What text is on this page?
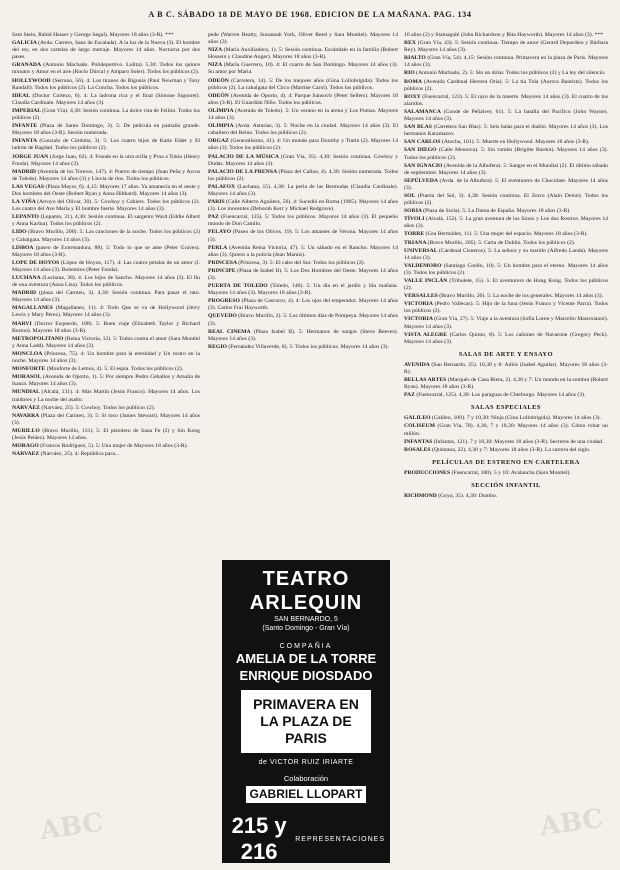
A B C. SÁBADO 18 DE MAYO DE 1968. EDICION DE LA MAÑANA. PAG. 134

Sam Stein, Rahid Hasser y George Segal). Mayores 18 años (3-R). ***

GALICIA (Avda. Carrero, Sanz de Escalada). A la luz de la Nueva (3). El hombre del rey, en dos cartelas de largo metraje. Mayores 14 años. Nocturna por dos pases.

GRANADA (Antonio Machado. Polideportivo. Lolita). 5,30: Todos los quince minutos y Amor en el aire (Rocío Dúrcal y Amparo Soler). Todos los públicos (2).

HOLLYWOOD (Serrano, 56). 4: Los tiranos de Bigonia (Paul Newman y Tony Randall). Todos los públicos (2). La Concha. Todos los públicos.

IDEAL (Doctor Cortezo, 6). 4: La ladrona rica y el final (Simone Signoret). Claudia Cardinale. Mayores 14 años (3).

IMPERIAL (Gran Vía). 4,30: Sesión continua. La dolce vita de Fellini. Todos los públicos (2).

INFANTE (Plaza de Santo Domingo, 3). 5: De película en pantalla grande. Mayores 18 años (3-R). Sesión numerada.

INFANTA (Gonzalo de Córdoba, 3). 5: Los cuatro hijos de Katie Elder y El ladrón de Bagdad. Todos los públicos (2).

JORGE JUAN (Jorge Juan, 62). 4: Fraude en la otra orilla y Proa a Tokio (Henry Fonda). Mayores 14 años (3).

MADRID (Avenida de los Toreros, 147). 4: Puerto de tiempo (Juan Peña y Arcos de Toledo). Mayores 14 años (3) y Lluvia de ríos. Todos los públicos.

LAS VEGAS (Plaza Mayor, 6). 4,15: Mayores 17 años. Ya amanecía en el oeste y Dos hombres del Oeste (Robert Ryan y Anna Hibbard). Mayores 14 años (3).

LA VIÑA (Arroyo del Olivar, 30). 5: Cowboy y Cahiers. Todos los públicos (2). Los cuatro del Ave María y El hombre fuerte. Mayores 14 años (3).

LEPANTO (Lepanto, 31). 4,30: Sesión continua. El sargento Ward (Eddie Albert y Anna Karina). Todos los públicos (2).

LIDO (Bravo Murillo, 200). 5: Las canciones de la noche. Todos los públicos (2) y Cabalgata. Mayores 14 años (3).

LISBOA (paseo de Extremadura, 88). 5: Todo lo que se ame (Peter Graves). Mayores 18 años (3-R).

LOPE DE HOYOS (López de Hoyos, 117). 4: Las cuatro pétalas de un amor (J. Mayores 14 años (3). Bohemios (Peter Fonda).

LUCHANA (Luchana, 38). 4: Los hijos de Sancho. Mayores 14 años (3). El fin de una aventura (Anna Lisa). Todos los públicos.

MADRID (plaza del Carmen, 3). 4,30: Sesión continua. Para pasar el rato. Mayores 14 años (3).

MAGALLANES (Magallanes, 11). 4: Todo Que se va de Hollywood (Jerry Lewis y Mary Pérez). Mayores 14 años (3).

MARVI (Doctor Esquerdo, 188). 5: Buen viaje (Elizabeth Taylor y Richard Burton). Mayores 18 años (3-R).

METROPOLITANO (Reina Victoria, 12). 5: Todos contra el amor (Sara Montiel y Anna Ladd). Mayores 14 años (3).

MONCLOA (Princesa, 75). 4: Un hombre para la eternidad y Un rostro en la noche. Mayores 14 años (3).

MONFORTE (Monforte de Lemos, 4). 5: El espía. Todos los públicos (2).

MORASOL (Avenida de Oporto, 1). 5: Por siempre Pedro Ceballos y Amalia de Isaura. Mayores 14 años (3).

MUNDIAL (Alcalá, 131). 4: Más Martín (Jesús Franco). Mayores 14 años. Los traidores y La noche del asalto.

NARVÁEZ (Narváez, 25). 5: Cowboy. Todos los públicos (2).

NAVARRA (Plaza del Carmen, 3). 5: Si toco (James Stewart). Mayores 14 años (3).

MURILLO (Bravo Murillo, 131). 5: El pistolero de Sana Fe (2) y Sin Kong (Jesús Peláez). Mayores 14 años.

MORAGO (Francos Rodríguez, 5). 5: Una mujer de Mayores 18 años (3-R).

NARVAEZ (Narváez, 25). 4: República para...

pede (Warren Beatty, Susannah York, Oliver Reed y Sara Montiel). Mayores 14 años (3).

NIZA (María Auxiliadora, 1). 5: Sesión continua. Escándalo en la familia (Robert Hossein y Claudine Auger). Mayores 18 años (3-R).

NIZA (María Guerrero, 10). 4: El cuarto de San Domingo. Mayores 14 años (3). Su amor por Maria.

ODEÓN (Carretera, 14). 5: De los mejores años (Gina Lollobrigida). Todos los públicos (2). La cabalgata del Circo (Martine Carol). Todos los públicos.

ODEÓN (Avenida de Oporto, 4). 4: Parque Sansuvir (Peter Sellers). Mayores 18 años (3-R). El Guardián Niño. Todos los públicos.

OLIMPIA (Avenida de Toledo). 5: Un verano en la arena y Los Pumas. Mayores 14 años (3).

OLIMPIA (Avda. Asturias, 3). 5: Noche en la ciudad. Mayores 14 años (3). El caballero del Reino. Todos los públicos (2).

ORGAZ (Generalísimo, 41). 4: Un mundo para Dorothy y Tintín (2). Mayores 14 años (3). Todos los públicos (2).

PALACIO DE LA MÚSICA (Gran Vía, 35). 4,30: Sesión continua. Cowboy y Dudas. Mayores 14 años (3).

PALACIO DE LA PRENSA (Plaza del Callao, 4). 4,30: Sesión numerada. Todos los públicos (2).

PALAFOX (Luchana, 15). 4,30: La perla de las Bermudas (Claudia Cardinale). Mayores 14 años (3).

PARIS (Calle Alberto Aguilera, 56). 4: Sucedió en Roma (1965). Mayores 14 años (3). Los inocentes (Deborah Kerr y Michael Redgrave).

PAZ (Fuencarral, 125). 5: Todos los públicos. Mayores 14 años (3). El pequeño mundo de Don Camilo.

PELAYO (Paseo de los Olivos, 19). 5: Los amantes de Verona. Mayores 14 años (3).

PERLA (Avenida Reina Victoria, 47). 5: Un sábado en el Rancho. Mayores 14 años (3). Quiero a la policía (Jean Marais).

PRINCESA (Princesa, 3). 5: El cabo del Sur. Todos los públicos (2).

PRINCIPE (Plaza de Isabel II). 5: Los Dos Hombres del Oeste. Mayores 14 años (3).

PUERTA DE TOLEDO (Toledo, 140). 5: Un día en el jardín y Sin mañana. Mayores 14 años (3). Mayores 18 años (3-R).

PROGRESO (Plaza de Cascorro, 4). 4: Los ojos del emperador. Mayores 14 años (3). Carlos Frai Hayworth.

QUEVEDO (Bravo Murillo, 2). 5: Los últimos días de Pompeya. Mayores 14 años (3).

REAL CINEMA (Plaza Isabel II). 5: Hermanos de sangre (Steve Reeves). Mayores 14 años (3).

REGIO (Fernández Villaverde, 8). 5: Todos los públicos. Mayores 14 años (3).

10 años (2) y Stamagulé (John Richardson y Rita Hayworth). Mayores 14 años (3). ***

REX (Gran Vía, 43). 5: Sesión continua. Tiempo de amor (Gerard Depardieu y Bárbara Rey). Mayores 14 años (3).

RIALTO (Gran Vía, 54). 4,15: Sesión continua. Primavera en la plaza de París. Mayores 14 años (3).

RIO (Antonio Machado, 2). 5: Sin un dólar. Todos los públicos (2) y La ley del silencio.

ROMA (Avenida Cardenal Herrera Oria). 5: La tía Tula (Aurora Bautista). Todos los públicos (2).

ROXY (Fuencarral, 123). 5: El rayo de la muerte. Mayores 14 años (3). El cuarto de los alaridos.

SALAMANCA (Conde de Peñalver, 61). 5: La batalla del Pacífico (John Wayne). Mayores 14 años (3).

SAN BLAS (Carretera San Blas). 5: Seis balas para el diablo. Mayores 14 años (3). Los hermanos Karamazov.

SAN CARLOS (Atocha, 101). 5: Muerte en Hollywood. Mayores 18 años (3-R).

SAN DIEGO (Calle Menorca). 5: Sin rumbo (Brigitte Bardot). Mayores 14 años (3). Todos los públicos (2).

SAN IGNACIO (Avenida de la Albufera). 5: Sangre en el Mundial (2). El último sábado de septiembre. Mayores 14 años (3).

SEPÚLVEDA (Avda. de la Albufera). 5: El aventurero de Chocolate. Mayores 14 años (3).

SOL (Puerta del Sol, 3). 4,30: Sesión continua. El Zorro (Alain Delon). Todos los públicos (2).

SORIA (Plaza de Soria). 5: La Dama de España. Mayores 18 años (3-R).

TÍVOLI (Alcalá, 152). 5: La gran aventura de los Sioux y Los dos Rostros. Mayores 14 años (3).

TORRE (Cea Bermúdez, 11). 5: Una mujer del espacio. Mayores 18 años (3-R).

TRIANA (Bravo Murillo, 205). 5: Carta de Dublín. Todos los públicos (2).

UNIVERSAL (Cardenal Cisneros). 5: La señora y su marido (Alfredo Landa). Mayores 14 años (3).

VALDEMORO (Santiago Coello, 10). 5: Un hombre para el eterno. Mayores 14 años (3). Todos los públicos (2).

VALLE INCLÁN (Tribulete, 15). 5: El aventurero de Hong Kong. Todos los públicos (2).

VERSALLES (Bravo Murillo, 26). 5: La noche de los generales. Mayores 14 años (3).

VICTORIA (Pedro Vallecas). 5: Hijo de la luna (Jesús Franco y Vicente Parra). Todos los públicos (2).

VICTORIA (Gran Vía, 27). 5: Viaje a la aventura (Sofía Loren y Marcello Mastroianni). Mayores 14 años (3).

VISTA ALEGRE (Carlos Quinto, 8). 5: Los cañones de Navarone (Gregory Peck). Mayores 14 años (3).

SALAS DE ARTE Y ENSAYO

AVENIDA (San Bernardo, 25). 10,30 y 8: Adiós (Isabel Aguilar). Mayores 18 años (3-R).

BELLAS ARTES (Marqués de Casa Riera, 2). 4,30 y 7: Un mundo en la sombra (Robert Ryan). Mayores 18 años (3-R).

PAZ (Fuencarral, 125). 4,30: Los paraguas de Cherburgo. Mayores 14 años (3).

SALAS ESPECIALES

GALILEO (Galileo, 100). 7 y 10,30: Ninja (Gina Lollobrigida). Mayores 14 años (3).

COLISEUM (Gran Vía, 78). 4,30, 7 y 10,30: Mayores 14 años (3). Cómo robar un millón.

INFANTAS (Infantas, 121). 7 y 10,30: Mayores 18 años (3-R). Secretos de una ciudad.

ROSALES (Quintana, 22). 4,30 y 7: Mayores 18 años (3-R). La carrera del siglo.

PELÍCULAS DE ESTRENO EN CARTELERA

PRODUCCIONES (Fuencarral, 100). 5 y 10: Avalancha (Sara Montiel).

SECCIÓN INFANTIL

RICHMOND (Goya, 35). 4,30: Dumbo.

TEATRO ARLEQUIN
SAN BERNARDO, 5
(Santo Domingo - Gran Vía)
COMPAÑIA
AMELIA DE LA TORRE
ENRIQUE DIOSDADO
PRIMAVERA EN LA PLAZA DE PARIS
de VICTOR RUIZ IRIARTE
Colaboración
GABRIEL LLOPART
215 y 216	REPRESENTACIONES
ABC	ABC
